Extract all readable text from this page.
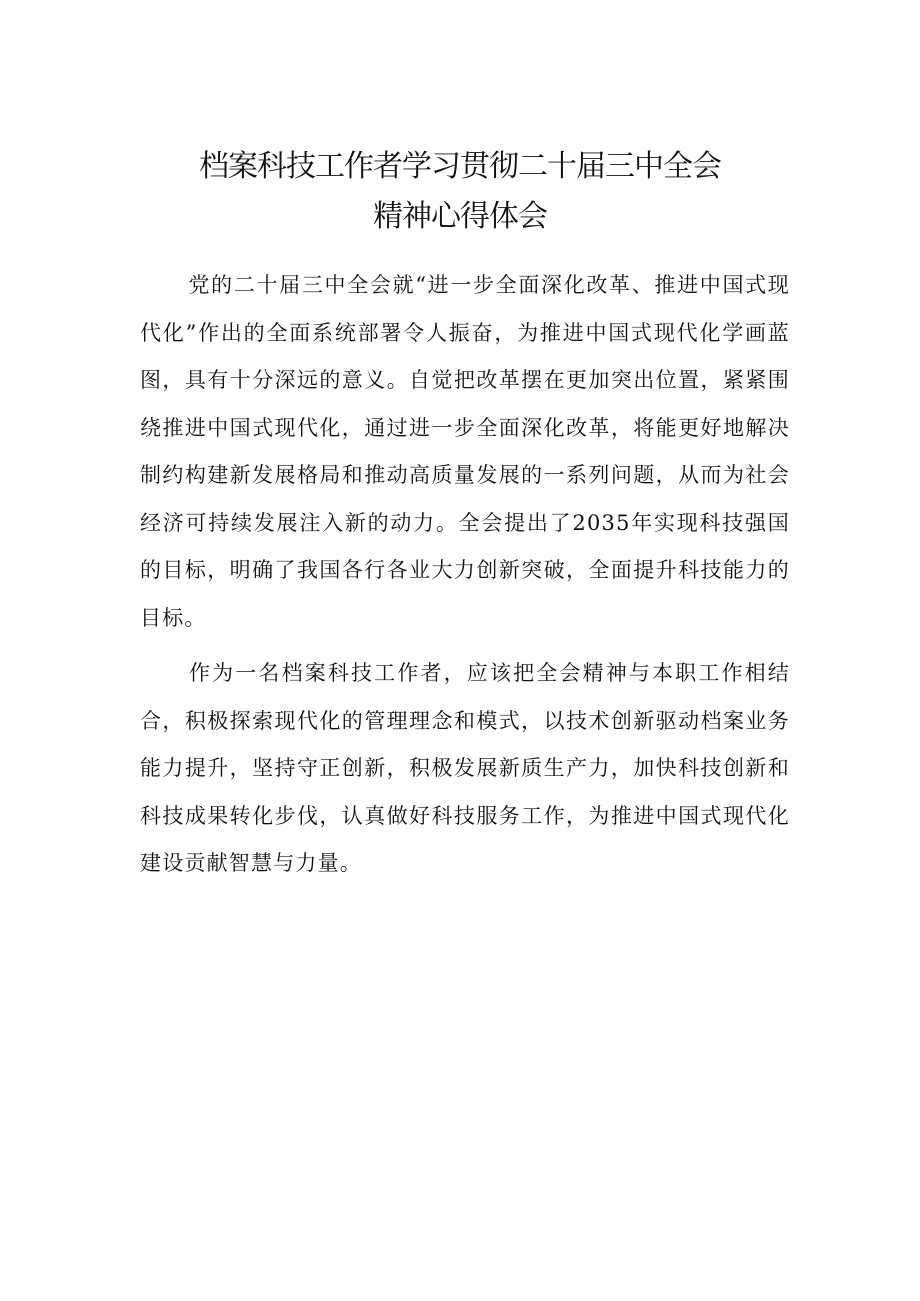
档案科技工作者学习贯彻二十届三中全会
精神心得体会

党的二十届三中全会就“进一步全面深化改革、推进中国式现代化”作出的全面系统部署令人振奋，为推进中国式现代化学画蓝图，具有十分深远的意义。自觉把改革摆在更加突出位置，紧紧围绕推进中国式现代化，通过进一步全面深化改革，将能更好地解决制约构建新发展格局和推动高质量发展的一系列问题，从而为社会经济可持续发展注入新的动力。全会提出了2035年实现科技强国的目标，明确了我国各行各业大力创新突破，全面提升科技能力的目标。

作为一名档案科技工作者，应该把全会精神与本职工作相结合，积极探索现代化的管理理念和模式，以技术创新驱动档案业务能力提升，坚持守正创新，积极发展新质生产力，加快科技创新和科技成果转化步伐，认真做好科技服务工作，为推进中国式现代化建设贡献智慧与力量。
